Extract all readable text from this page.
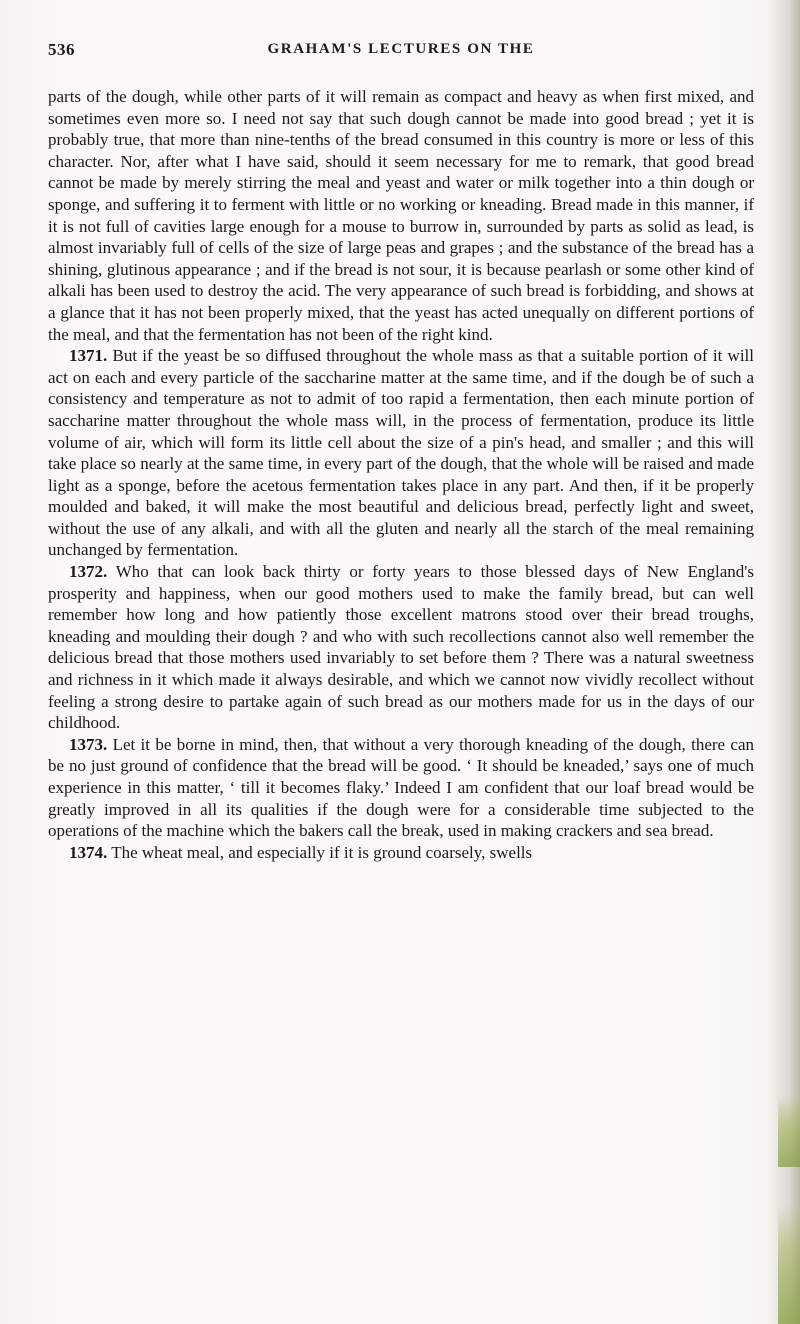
536	GRAHAM'S LECTURES ON THE

parts of the dough, while other parts of it will remain as compact and heavy as when first mixed, and sometimes even more so. I need not say that such dough cannot be made into good bread ; yet it is probably true, that more than nine-tenths of the bread consumed in this country is more or less of this character. Nor, after what I have said, should it seem necessary for me to remark, that good bread cannot be made by merely stirring the meal and yeast and water or milk together into a thin dough or sponge, and suffering it to ferment with little or no working or kneading. Bread made in this manner, if it is not full of cavities large enough for a mouse to burrow in, surrounded by parts as solid as lead, is almost invariably full of cells of the size of large peas and grapes ; and the substance of the bread has a shining, glutinous appearance ; and if the bread is not sour, it is because pearlash or some other kind of alkali has been used to destroy the acid. The very appearance of such bread is forbidding, and shows at a glance that it has not been properly mixed, that the yeast has acted unequally on different portions of the meal, and that the fermentation has not been of the right kind.

1371. But if the yeast be so diffused throughout the whole mass as that a suitable portion of it will act on each and every particle of the saccharine matter at the same time, and if the dough be of such a consistency and temperature as not to admit of too rapid a fermentation, then each minute portion of saccharine matter throughout the whole mass will, in the process of fermentation, produce its little volume of air, which will form its little cell about the size of a pin's head, and smaller ; and this will take place so nearly at the same time, in every part of the dough, that the whole will be raised and made light as a sponge, before the acetous fermentation takes place in any part. And then, if it be properly moulded and baked, it will make the most beautiful and delicious bread, perfectly light and sweet, without the use of any alkali, and with all the gluten and nearly all the starch of the meal remaining unchanged by fermentation.

1372. Who that can look back thirty or forty years to those blessed days of New England's prosperity and happiness, when our good mothers used to make the family bread, but can well remember how long and how patiently those excellent matrons stood over their bread troughs, kneading and moulding their dough ? and who with such recollections cannot also well remember the delicious bread that those mothers used invariably to set before them ? There was a natural sweetness and richness in it which made it always desirable, and which we cannot now vividly recollect without feeling a strong desire to partake again of such bread as our mothers made for us in the days of our childhood.

1373. Let it be borne in mind, then, that without a very thorough kneading of the dough, there can be no just ground of confidence that the bread will be good. ‘ It should be kneaded,’ says one of much experience in this matter, ‘ till it becomes flaky.’ Indeed I am confident that our loaf bread would be greatly improved in all its qualities if the dough were for a considerable time subjected to the operations of the machine which the bakers call the break, used in making crackers and sea bread.

1374. The wheat meal, and especially if it is ground coarsely, swells
